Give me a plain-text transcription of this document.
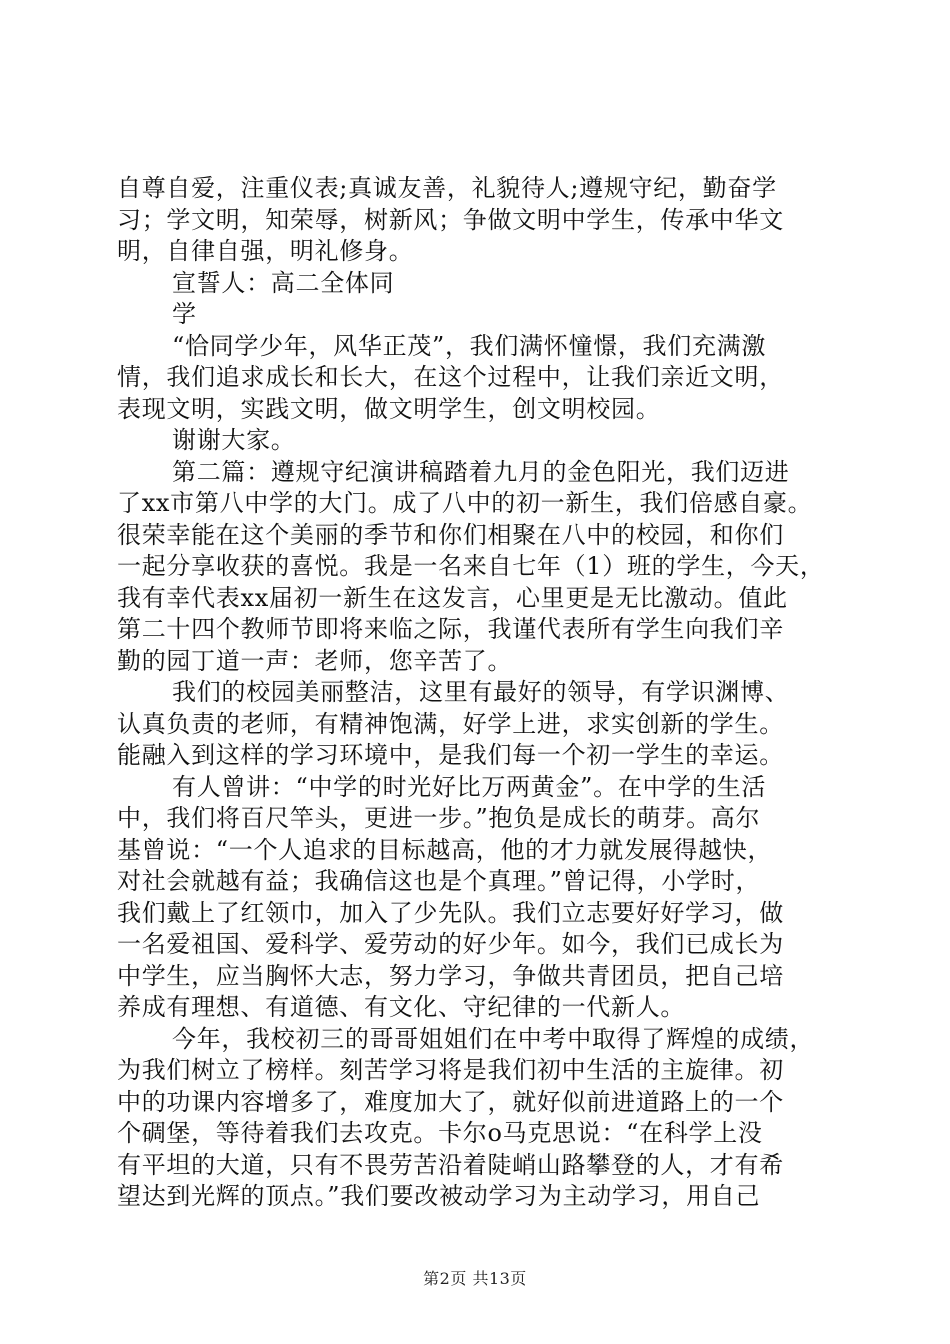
自尊自爱，注重仪表;真诚友善，礼貌待人;遵规守纪，勤奋学
习；学文明，知荣辱，树新风；争做文明中学生，传承中华文
明，自律自强，明礼修身。
宣誓人：高二全体同
学
“恰同学少年，风华正茂”，我们满怀憧憬，我们充满激
情，我们追求成长和长大，在这个过程中，让我们亲近文明，
表现文明，实践文明，做文明学生，创文明校园。
谢谢大家。
第二篇：遵规守纪演讲稿踏着九月的金色阳光，我们迈进
了xx市第八中学的大门。成了八中的初一新生，我们倍感自豪。
很荣幸能在这个美丽的季节和你们相聚在八中的校园，和你们
一起分享收获的喜悦。我是一名来自七年（1）班的学生，今天，
我有幸代表xx届初一新生在这发言，心里更是无比激动。值此
第二十四个教师节即将来临之际，我谨代表所有学生向我们辛
勤的园丁道一声：老师，您辛苦了。
我们的校园美丽整洁，这里有最好的领导，有学识渊博、
认真负责的老师，有精神饱满，好学上进，求实创新的学生。
能融入到这样的学习环境中，是我们每一个初一学生的幸运。
有人曾讲：“中学的时光好比万两黄金”。在中学的生活
中，我们将百尺竿头，更进一步。”抱负是成长的萌芽。高尔
基曾说：“一个人追求的目标越高，他的才力就发展得越快，
对社会就越有益；我确信这也是个真理。”曾记得，小学时，
我们戴上了红领巾，加入了少先队。我们立志要好好学习，做
一名爱祖国、爱科学、爱劳动的好少年。如今，我们已成长为
中学生，应当胸怀大志，努力学习，争做共青团员，把自己培
养成有理想、有道德、有文化、守纪律的一代新人。
今年，我校初三的哥哥姐姐们在中考中取得了辉煌的成绩，
为我们树立了榜样。刻苦学习将是我们初中生活的主旋律。初
中的功课内容增多了，难度加大了，就好似前进道路上的一个
个碉堡，等待着我们去攻克。卡尔o马克思说：“在科学上没
有平坦的大道，只有不畏劳苦沿着陡峭山路攀登的人，才有希
望达到光辉的顶点。”我们要改被动学习为主动学习，用自己
第2页 共13页
